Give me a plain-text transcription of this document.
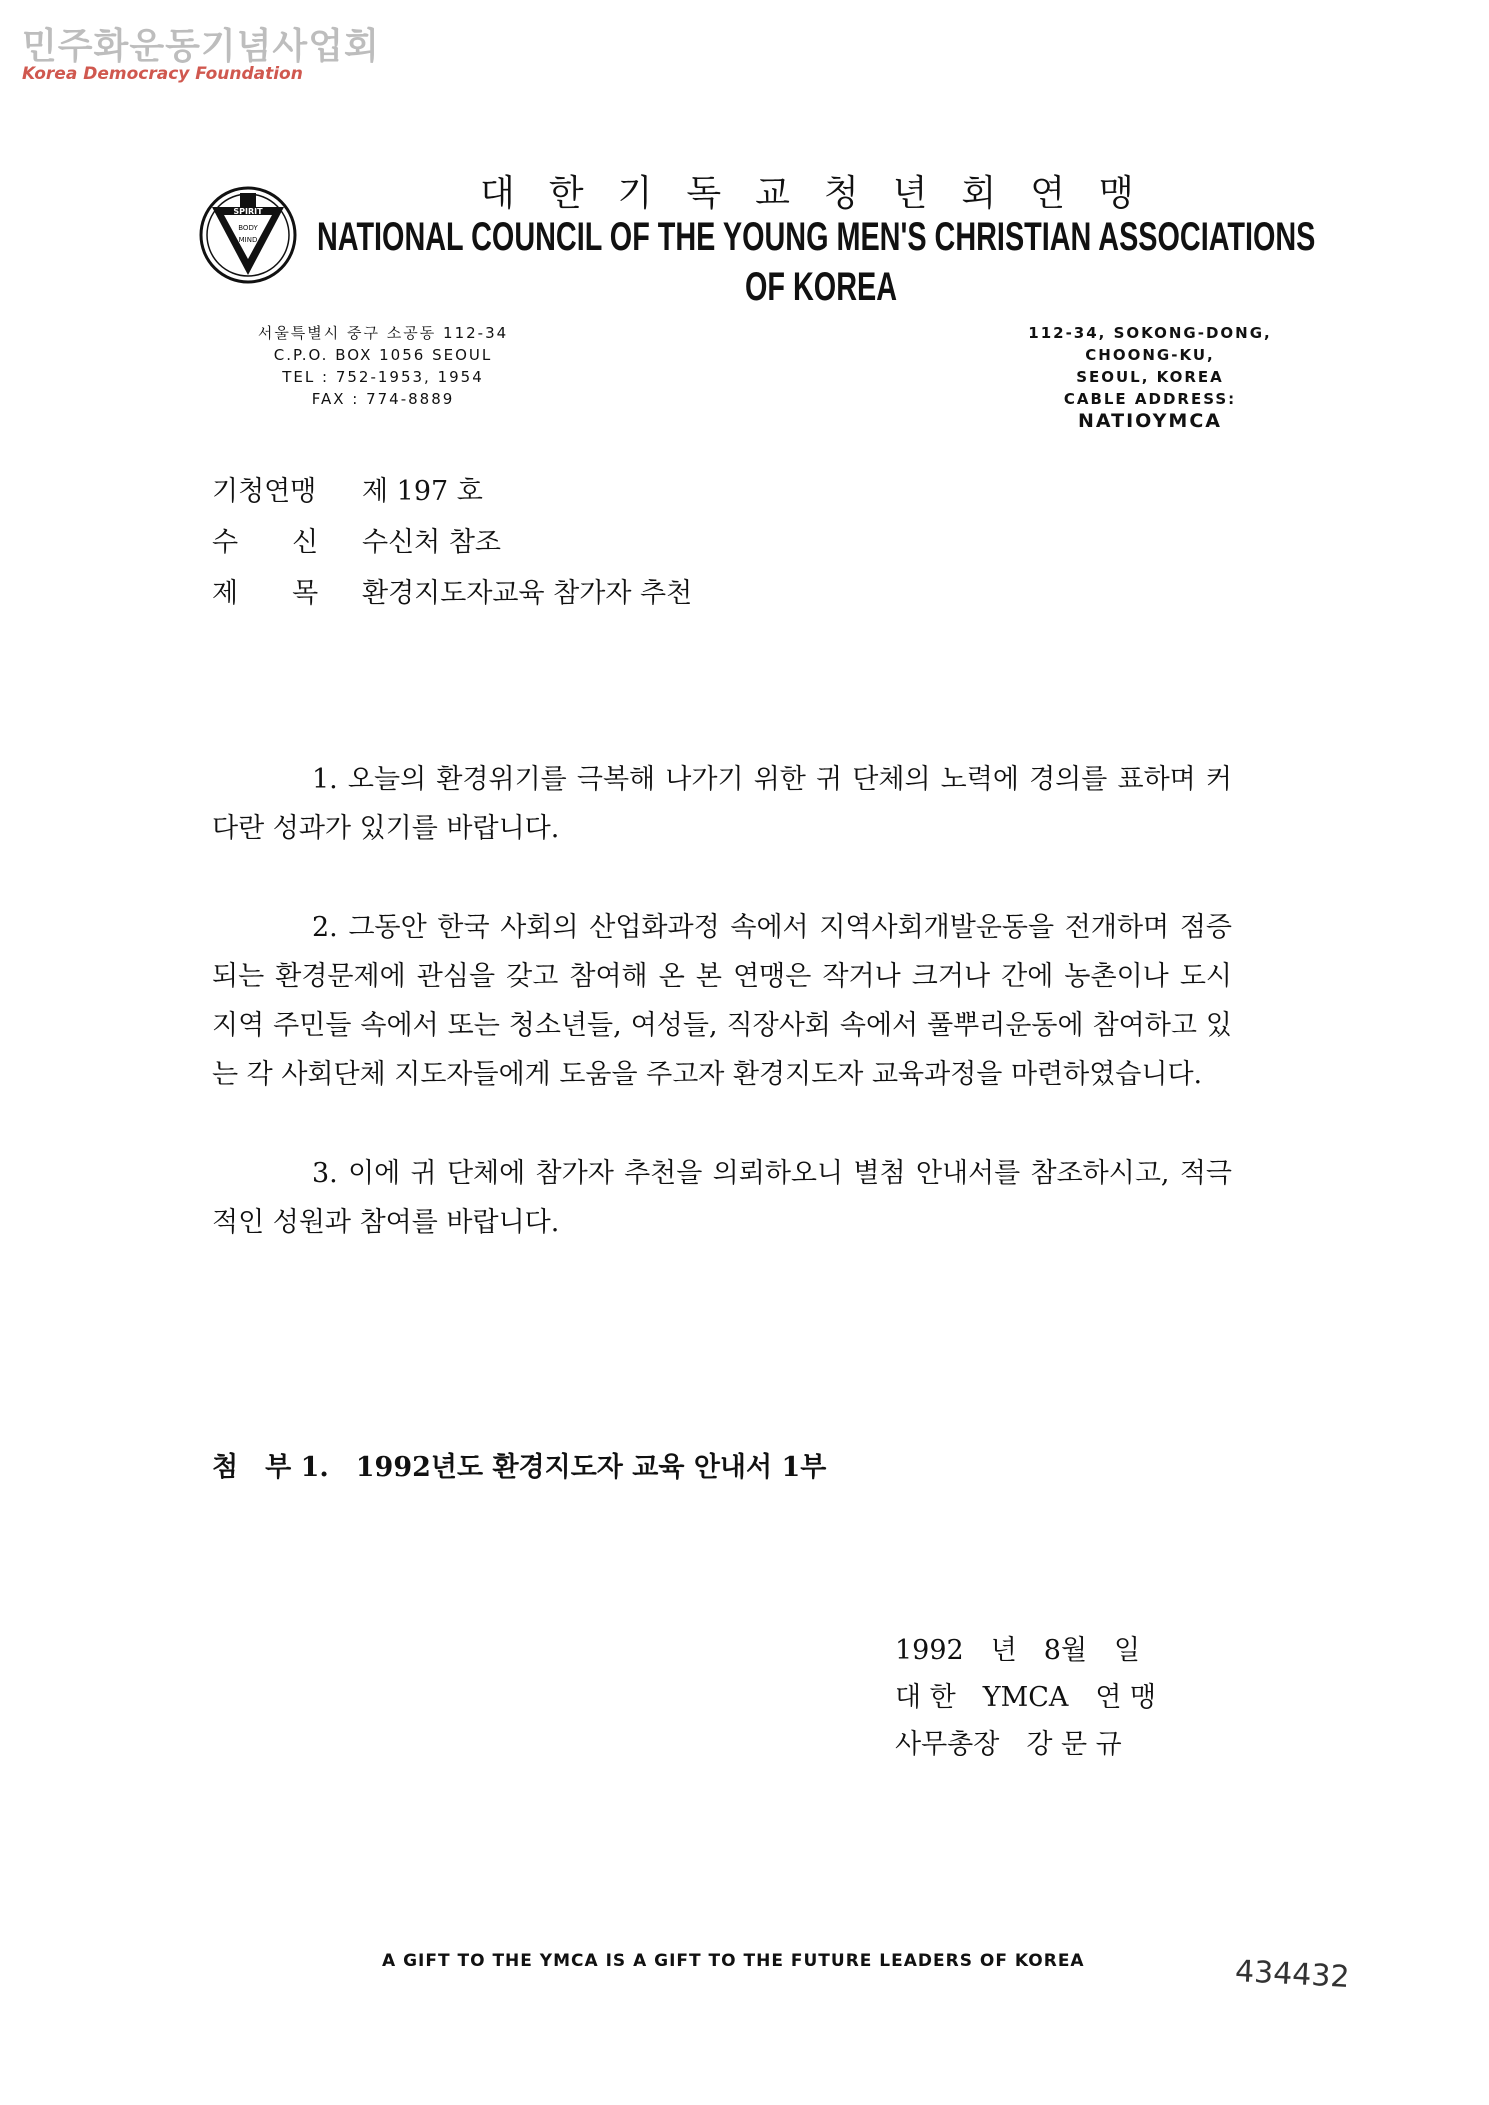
민주화운동기념사업회
Korea Democracy Foundation
SPIRIT
BODY
MIND
대한기독교청년회연맹
NATIONAL COUNCIL OF THE YOUNG MEN'S CHRISTIAN ASSOCIATIONS
OF KOREA
서울특별시 중구 소공동 112-34
C.P.O. BOX 1056 SEOUL
TEL : 752-1953, 1954
FAX : 774-8889
112-34, SOKONG-DONG, CHOONG-KU,
SEOUL, KOREA
CABLE ADDRESS:
NATIOYMCA
기청연맹	제 197 호
수　　신	수신처 참조
제　　목	환경지도자교육 참가자 추천

1. 오늘의 환경위기를 극복해 나가기 위한 귀 단체의 노력에 경의를 표하며 커다란 성과가 있기를 바랍니다.

2. 그동안 한국 사회의 산업화과정 속에서 지역사회개발운동을 전개하며 점증되는 환경문제에 관심을 갖고 참여해 온 본 연맹은 작거나 크거나 간에 농촌이나 도시 지역 주민들 속에서 또는 청소년들, 여성들, 직장사회 속에서 풀뿌리운동에 참여하고 있는 각 사회단체 지도자들에게 도움을 주고자 환경지도자 교육과정을 마련하였습니다.

3. 이에 귀 단체에 참가자 추천을 의뢰하오니 별첨 안내서를 참조하시고, 적극적인 성원과 참여를 바랍니다.

첨　부 1.　1992년도 환경지도자 교육 안내서 1부
1992　년　8월　일
대 한　YMCA　연 맹
사무총장　강 문 규
A GIFT TO THE YMCA IS A GIFT TO THE FUTURE LEADERS OF KOREA	434432
